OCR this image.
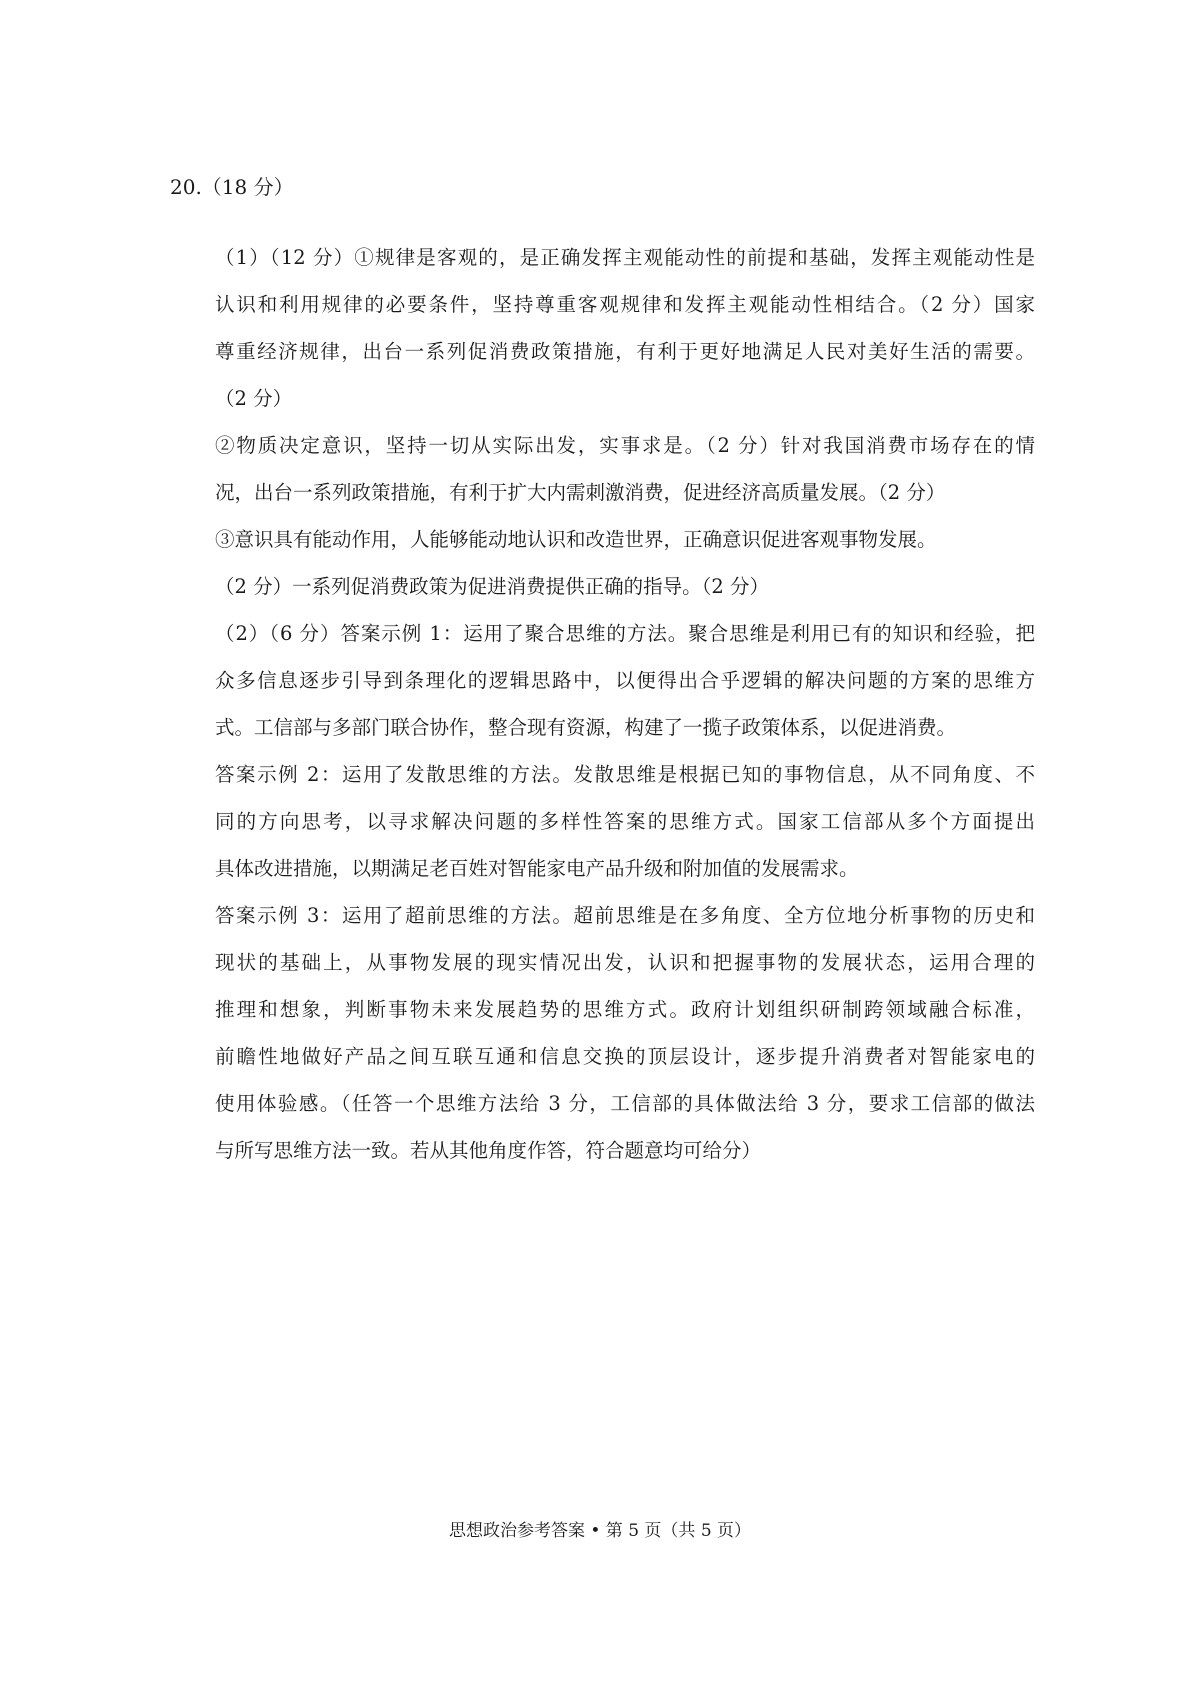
20.（18 分）
（1）（12 分）①规律是客观的，是正确发挥主观能动性的前提和基础，发挥主观能动性是
认识和利用规律的必要条件，坚持尊重客观规律和发挥主观能动性相结合。（2 分）国家
尊重经济规律，出台一系列促消费政策措施，有利于更好地满足人民对美好生活的需要。
（2 分）
②物质决定意识，坚持一切从实际出发，实事求是。（2 分）针对我国消费市场存在的情
况，出台一系列政策措施，有利于扩大内需刺激消费，促进经济高质量发展。（2 分）
③意识具有能动作用，人能够能动地认识和改造世界，正确意识促进客观事物发展。
（2 分）一系列促消费政策为促进消费提供正确的指导。（2 分）
（2）（6 分）答案示例 1：运用了聚合思维的方法。聚合思维是利用已有的知识和经验，把
众多信息逐步引导到条理化的逻辑思路中，以便得出合乎逻辑的解决问题的方案的思维方
式。工信部与多部门联合协作，整合现有资源，构建了一揽子政策体系，以促进消费。
答案示例 2：运用了发散思维的方法。发散思维是根据已知的事物信息，从不同角度、不
同的方向思考，以寻求解决问题的多样性答案的思维方式。国家工信部从多个方面提出
具体改进措施，以期满足老百姓对智能家电产品升级和附加值的发展需求。
答案示例 3：运用了超前思维的方法。超前思维是在多角度、全方位地分析事物的历史和
现状的基础上，从事物发展的现实情况出发，认识和把握事物的发展状态，运用合理的
推理和想象，判断事物未来发展趋势的思维方式。政府计划组织研制跨领域融合标准，
前瞻性地做好产品之间互联互通和信息交换的顶层设计，逐步提升消费者对智能家电的
使用体验感。（任答一个思维方法给 3 分，工信部的具体做法给 3 分，要求工信部的做法
与所写思维方法一致。若从其他角度作答，符合题意均可给分）
思想政治参考答案 • 第 5 页（共 5 页）
